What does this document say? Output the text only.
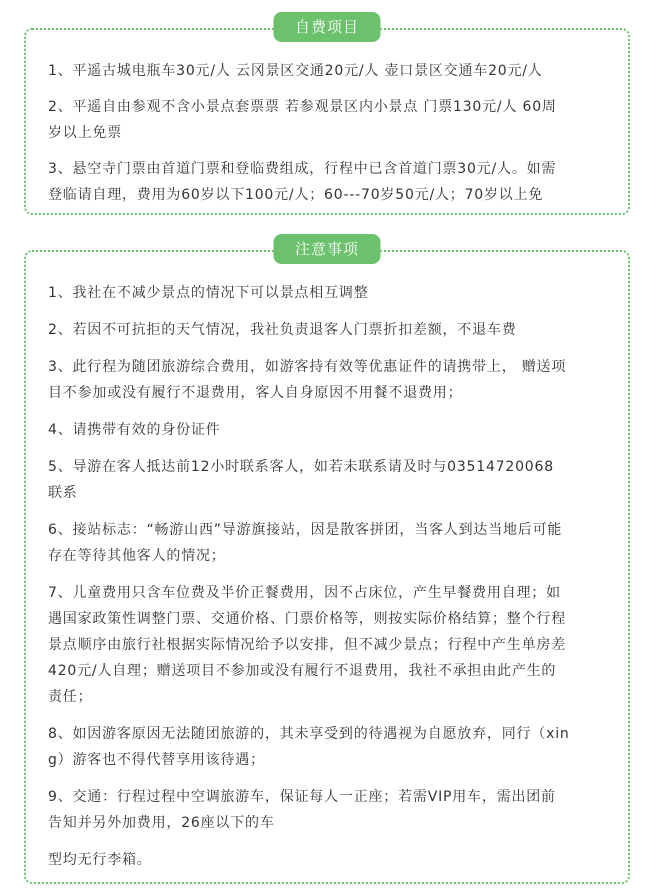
自费项目
1、平遥古城电瓶车30元/人 云冈景区交通20元/人 壶口景区交通车20元/人
2、平遥自由参观不含小景点套票票 若参观景区内小景点 门票130元/人 60周
岁以上免票
3、悬空寺门票由首道门票和登临费组成，行程中已含首道门票30元/人。如需
登临请自理，费用为60岁以下100元/人；60---70岁50元/人；70岁以上免
注意事项
1、我社在不减少景点的情况下可以景点相互调整
2、若因不可抗拒的天气情况，我社负责退客人门票折扣差额，不退车费
3、此行程为随团旅游综合费用，如游客持有效等优惠证件的请携带上， 赠送项
目不参加或没有履行不退费用，客人自身原因不用餐不退费用；
4、请携带有效的身份证件
5、导游在客人抵达前12小时联系客人，如若未联系请及时与03514720068
联系
6、接站标志：“畅游山西”导游旗接站，因是散客拼团，当客人到达当地后可能
存在等待其他客人的情况；
7、儿童费用只含车位费及半价正餐费用，因不占床位，产生早餐费用自理；如
遇国家政策性调整门票、交通价格、门票价格等，则按实际价格结算；整个行程
景点顺序由旅行社根据实际情况给予以安排，但不减少景点；行程中产生单房差
420元/人自理；赠送项目不参加或没有履行不退费用，我社不承担由此产生的
责任；
8、如因游客原因无法随团旅游的，其未享受到的待遇视为自愿放弃，同行（xin
g）游客也不得代替享用该待遇；
9、交通：行程过程中空调旅游车，保证每人一正座；若需VIP用车，需出团前
告知并另外加费用，26座以下的车
型均无行李箱。
